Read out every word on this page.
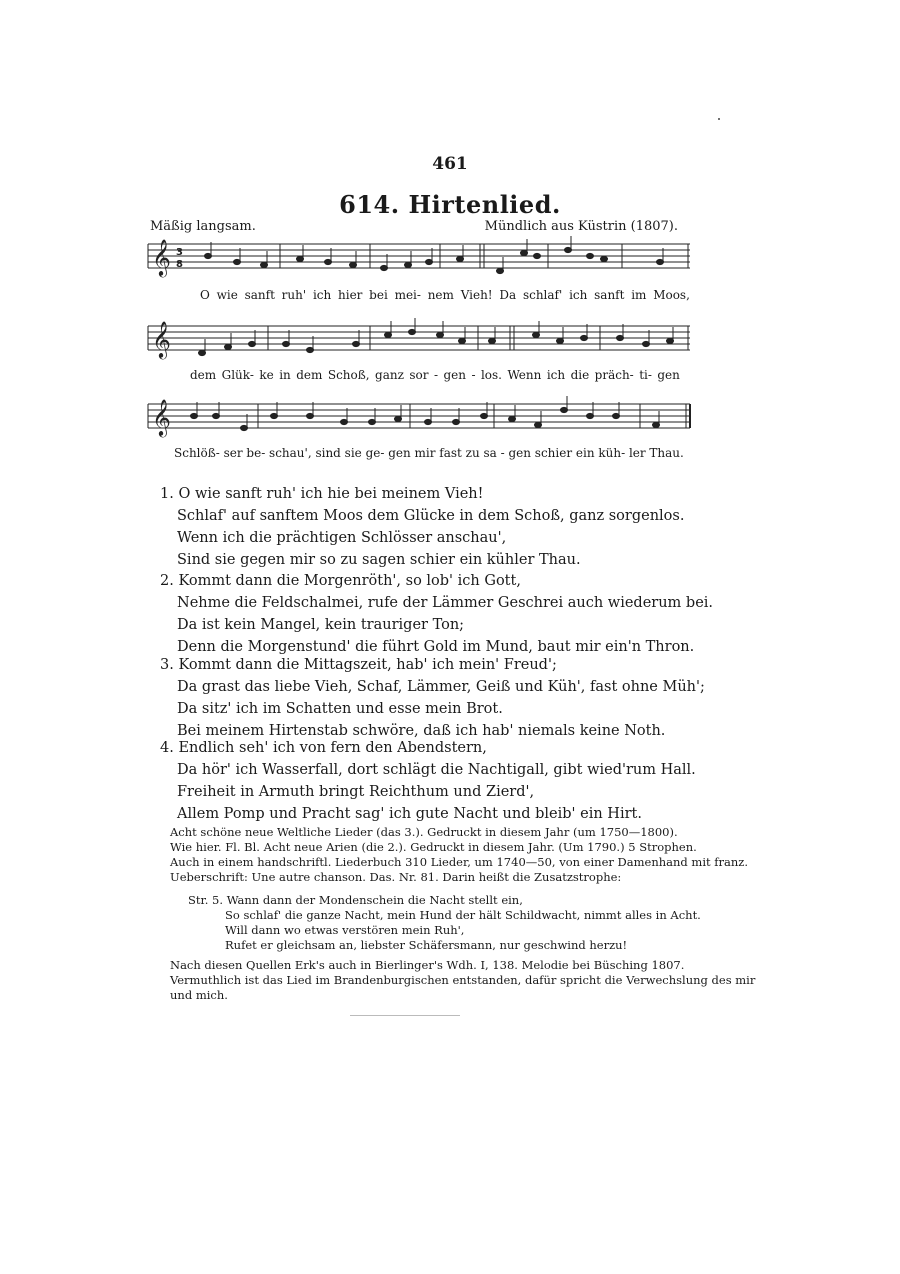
461
614. Hirtenlied.
Mäßig langsam.	Mündlich aus Küstrin (1807).
𝄞 3
8
O wie sanft ruh' ich hier bei mei- nem Vieh! Da schlaf' ich sanft im Moos,
𝄞
dem Glük- ke in dem Schoß, ganz sor - gen - los. Wenn ich die präch- ti- gen
𝄞
Schlöß- ser be- schau', sind sie ge- gen mir fast zu sa - gen schier ein küh- ler Thau.
1. O wie sanft ruh' ich hie bei meinem Vieh!
Schlaf' auf sanftem Moos dem Glücke in dem Schoß, ganz sorgenlos.
Wenn ich die prächtigen Schlösser anschau',
Sind sie gegen mir so zu sagen schier ein kühler Thau.
2. Kommt dann die Morgenröth', so lob' ich Gott,
Nehme die Feldschalmei, rufe der Lämmer Geschrei auch wiederum bei.
Da ist kein Mangel, kein trauriger Ton;
Denn die Morgenstund' die führt Gold im Mund, baut mir ein'n Thron.
3. Kommt dann die Mittagszeit, hab' ich mein' Freud';
Da grast das liebe Vieh, Schaf, Lämmer, Geiß und Küh', fast ohne Müh';
Da sitz' ich im Schatten und esse mein Brot.
Bei meinem Hirtenstab schwöre, daß ich hab' niemals keine Noth.
4. Endlich seh' ich von fern den Abendstern,
Da hör' ich Wasserfall, dort schlägt die Nachtigall, gibt wied'rum Hall.
Freiheit in Armuth bringt Reichthum und Zierd',
Allem Pomp und Pracht sag' ich gute Nacht und bleib' ein Hirt.
Acht schöne neue Weltliche Lieder (das 3.). Gedruckt in diesem Jahr (um 1750—1800).
Wie hier. Fl. Bl. Acht neue Arien (die 2.). Gedruckt in diesem Jahr. (Um 1790.) 5 Strophen.
Auch in einem handschriftl. Liederbuch 310 Lieder, um 1740—50, von einer Damenhand mit franz.
Ueberschrift: Une autre chanson. Das. Nr. 81. Darin heißt die Zusatzstrophe:
Str. 5. Wann dann der Mondenschein die Nacht stellt ein,
So schlaf' die ganze Nacht, mein Hund der hält Schildwacht, nimmt alles in Acht.
Will dann wo etwas verstören mein Ruh',
Rufet er gleichsam an, liebster Schäfersmann, nur geschwind herzu!
Nach diesen Quellen Erk's auch in Bierlinger's Wdh. I, 138. Melodie bei Büsching 1807.
Vermuthlich ist das Lied im Brandenburgischen entstanden, dafür spricht die Verwechslung des mir
und mich.
